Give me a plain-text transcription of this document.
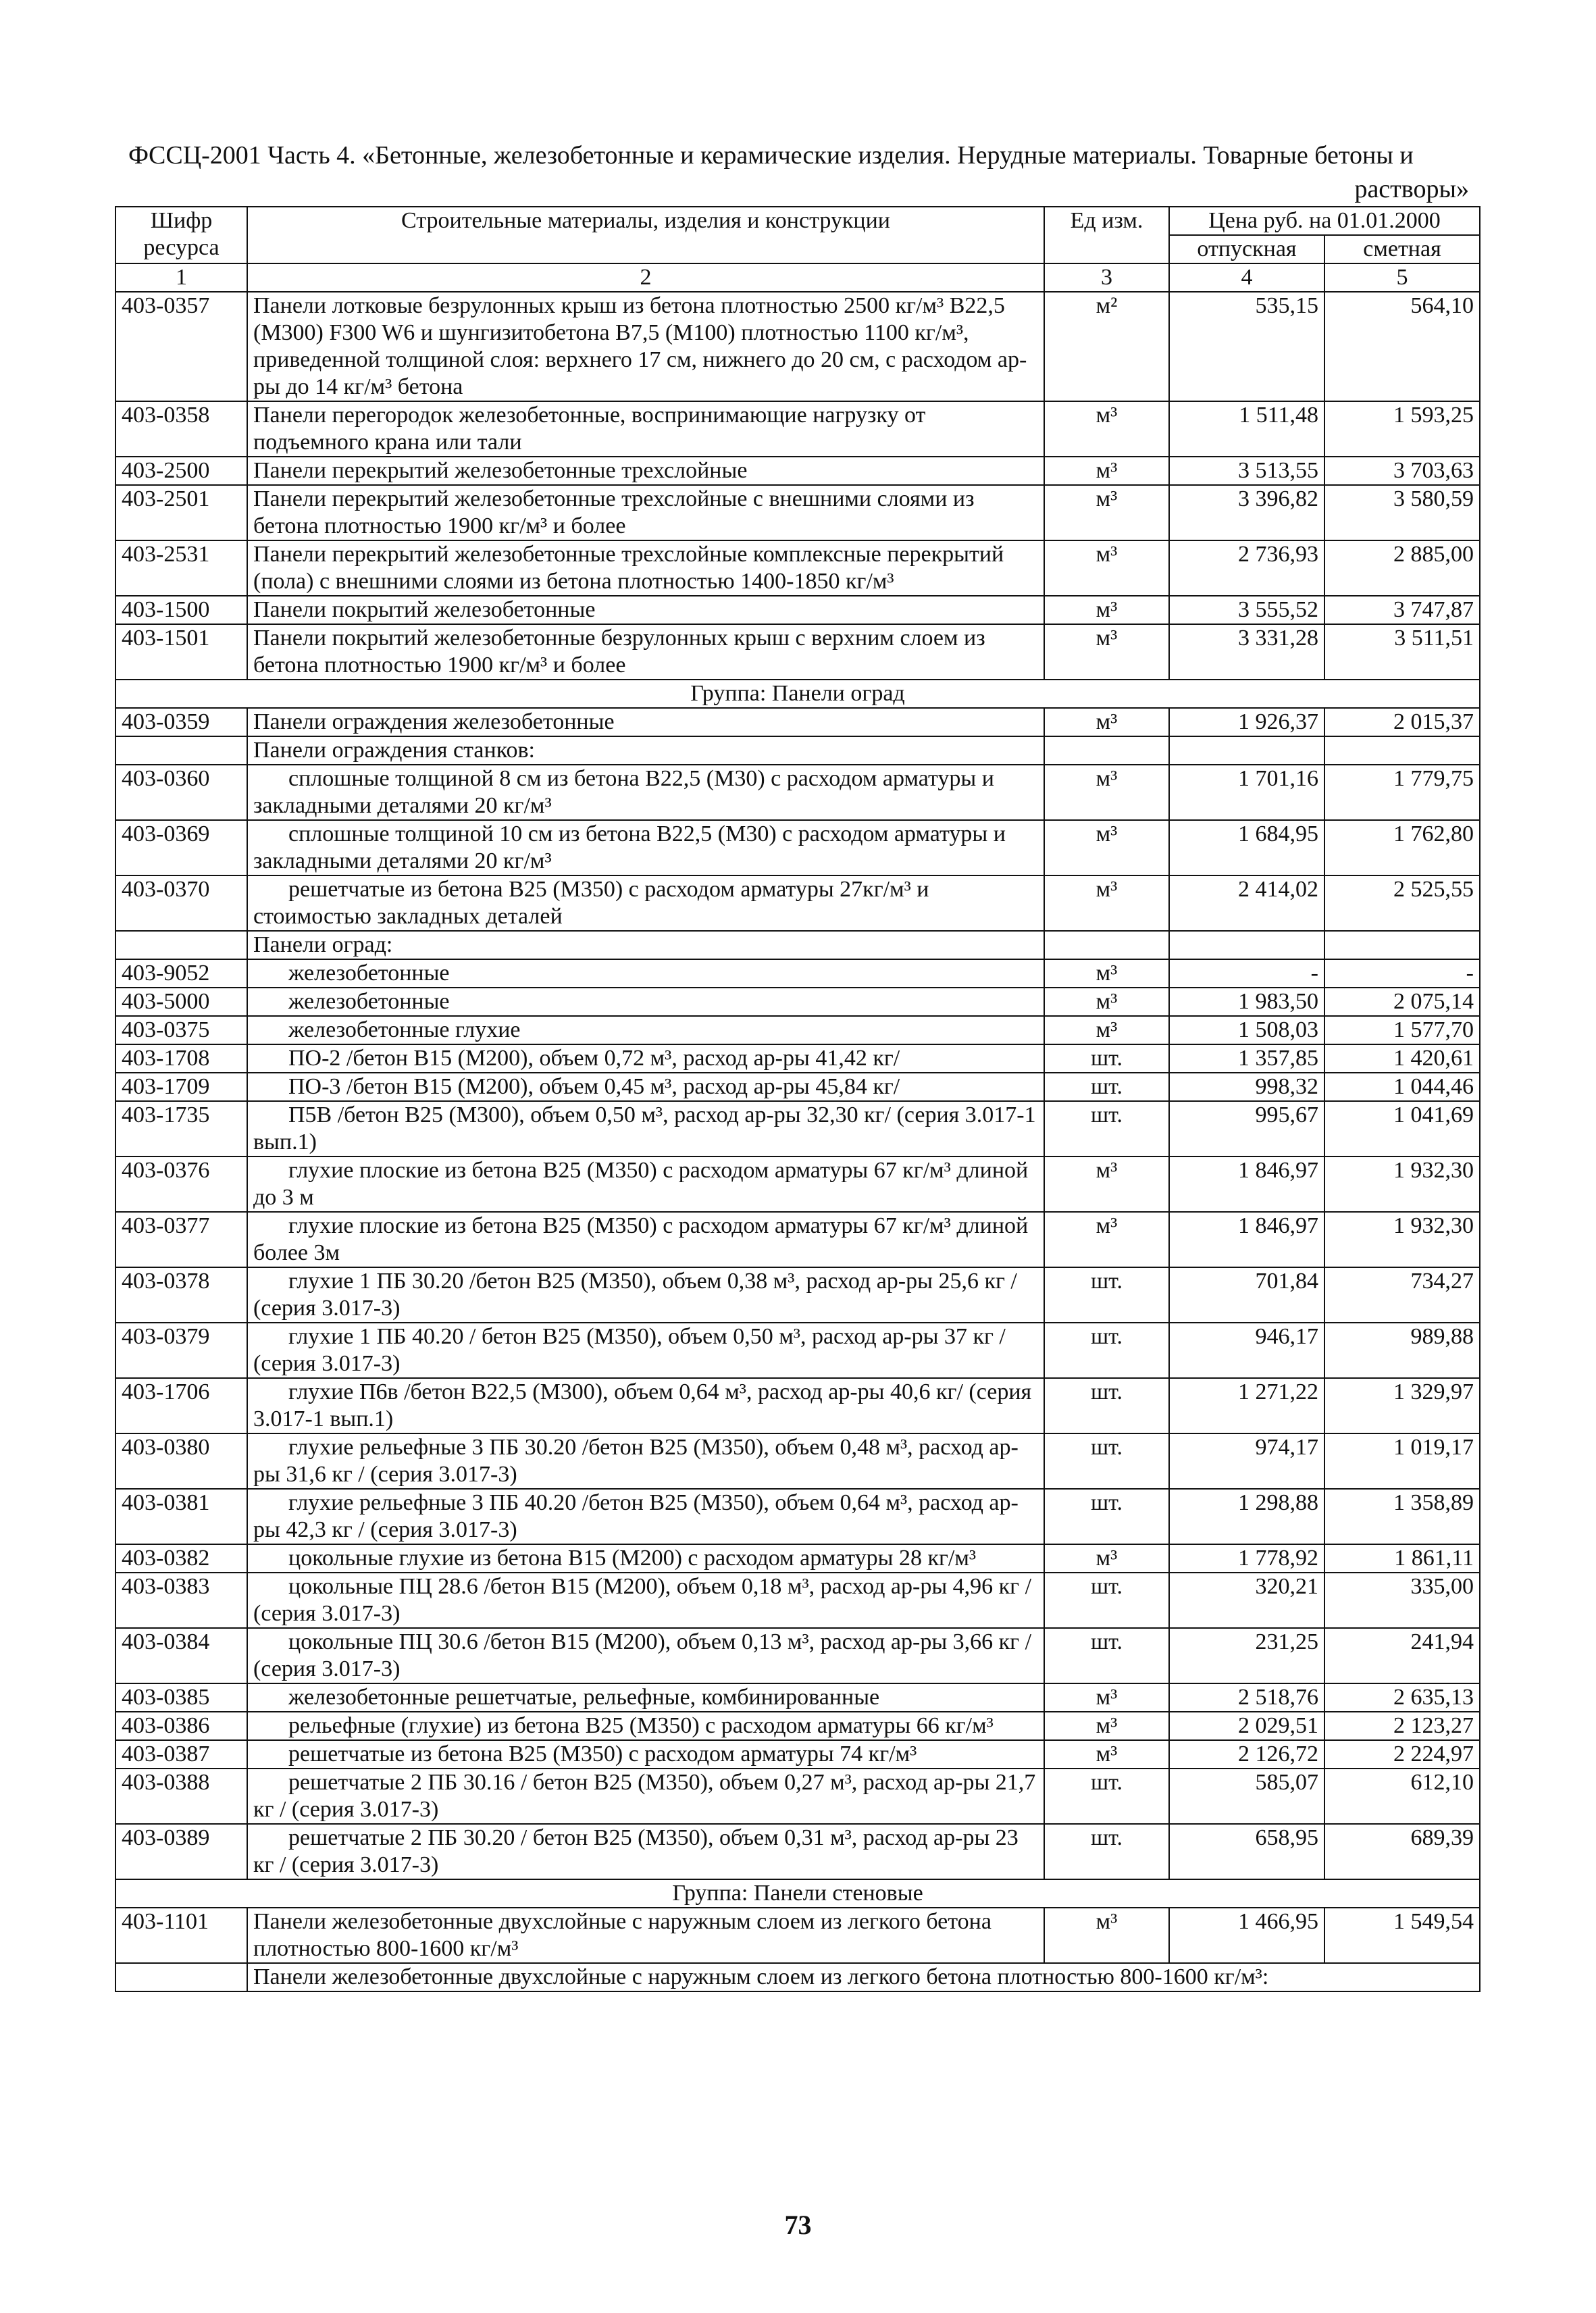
ФССЦ-2001 Часть 4. «Бетонные, железобетонные и керамические изделия. Нерудные материалы. Товарные бетоны и
растворы»
Шифр ресурса	Строительные материалы, изделия и конструкции	Ед изм.	Цена руб. на 01.01.2000	
			отпускная	сметная
1	2	3	4	5
403-0357	Панели лотковые безрулонных крыш из бетона плотностью 2500 кг/м³ В22,5 (М300) F300 W6 и шунгизитобетона В7,5 (М100) плотностью 1100 кг/м³, приведенной толщиной слоя: верхнего 17 см, нижнего до 20 см, с расходом ар-ры до 14 кг/м³ бетона	м²	535,15	564,10
403-0358	Панели перегородок железобетонные, воспринимающие нагрузку от подъемного крана или тали	м³	1 511,48	1 593,25
403-2500	Панели перекрытий железобетонные трехслойные	м³	3 513,55	3 703,63
403-2501	Панели перекрытий железобетонные трехслойные с внешними слоями из бетона плотностью 1900 кг/м³ и более	м³	3 396,82	3 580,59
403-2531	Панели перекрытий железобетонные трехслойные комплексные перекрытий (пола) с внешними слоями из бетона плотностью 1400-1850 кг/м³	м³	2 736,93	2 885,00
403-1500	Панели покрытий железобетонные	м³	3 555,52	3 747,87
403-1501	Панели покрытий железобетонные безрулонных крыш с верхним слоем из бетона плотностью 1900 кг/м³ и более	м³	3 331,28	3 511,51
Группа: Панели оград				
403-0359	Панели ограждения железобетонные	м³	1 926,37	2 015,37
	Панели ограждения станков:			
403-0360	сплошные толщиной 8 см из бетона В22,5 (М30) с расходом арматуры и закладными деталями 20 кг/м³	м³	1 701,16	1 779,75
403-0369	сплошные толщиной 10 см из бетона В22,5 (М30) с расходом арматуры и закладными деталями 20 кг/м³	м³	1 684,95	1 762,80
403-0370	решетчатые из бетона В25 (М350) с расходом арматуры 27кг/м³ и стоимостью закладных деталей	м³	2 414,02	2 525,55
	Панели оград:			
403-9052	железобетонные	м³	-	-
403-5000	железобетонные	м³	1 983,50	2 075,14
403-0375	железобетонные глухие	м³	1 508,03	1 577,70
403-1708	ПО-2 /бетон В15 (М200), объем 0,72 м³, расход ар-ры 41,42 кг/	шт.	1 357,85	1 420,61
403-1709	ПО-3 /бетон В15 (М200), объем 0,45 м³, расход ар-ры 45,84 кг/	шт.	998,32	1 044,46
403-1735	П5В /бетон В25 (М300), объем 0,50 м³, расход ар-ры 32,30 кг/ (серия 3.017-1 вып.1)	шт.	995,67	1 041,69
403-0376	глухие плоские из бетона В25 (М350) с расходом арматуры 67 кг/м³ длиной до 3 м	м³	1 846,97	1 932,30
403-0377	глухие плоские из бетона В25 (М350) с расходом арматуры 67 кг/м³ длиной более 3м	м³	1 846,97	1 932,30
403-0378	глухие 1 ПБ 30.20 /бетон В25 (М350), объем 0,38 м³, расход ар-ры 25,6 кг / (серия 3.017-3)	шт.	701,84	734,27
403-0379	глухие 1 ПБ 40.20 / бетон В25 (М350), объем 0,50 м³, расход ар-ры 37 кг / (серия 3.017-3)	шт.	946,17	989,88
403-1706	глухие П6в /бетон В22,5 (М300), объем 0,64 м³, расход ар-ры 40,6 кг/ (серия 3.017-1 вып.1)	шт.	1 271,22	1 329,97
403-0380	глухие рельефные 3 ПБ 30.20 /бетон В25 (М350), объем 0,48 м³, расход ар-ры 31,6 кг / (серия 3.017-3)	шт.	974,17	1 019,17
403-0381	глухие рельефные 3 ПБ 40.20 /бетон В25 (М350), объем 0,64 м³, расход ар-ры 42,3 кг / (серия 3.017-3)	шт.	1 298,88	1 358,89
403-0382	цокольные глухие из бетона В15 (М200) с расходом арматуры 28 кг/м³	м³	1 778,92	1 861,11
403-0383	цокольные ПЦ 28.6 /бетон В15 (М200), объем 0,18 м³, расход ар-ры 4,96 кг / (серия 3.017-3)	шт.	320,21	335,00
403-0384	цокольные ПЦ 30.6 /бетон В15 (М200), объем 0,13 м³, расход ар-ры 3,66 кг / (серия 3.017-3)	шт.	231,25	241,94
403-0385	железобетонные решетчатые, рельефные, комбинированные	м³	2 518,76	2 635,13
403-0386	рельефные (глухие) из бетона В25 (М350) с расходом арматуры 66 кг/м³	м³	2 029,51	2 123,27
403-0387	решетчатые из бетона В25 (М350) с расходом арматуры 74 кг/м³	м³	2 126,72	2 224,97
403-0388	решетчатые 2 ПБ 30.16 / бетон В25 (М350), объем 0,27 м³, расход ар-ры 21,7 кг / (серия 3.017-3)	шт.	585,07	612,10
403-0389	решетчатые 2 ПБ 30.20 / бетон В25 (М350), объем 0,31 м³, расход ар-ры 23 кг / (серия 3.017-3)	шт.	658,95	689,39
Группа: Панели стеновые				
403-1101	Панели железобетонные двухслойные с наружным слоем из легкого бетона плотностью 800-1600 кг/м³	м³	1 466,95	1 549,54
	Панели железобетонные двухслойные с наружным слоем из легкого бетона плотностью 800-1600 кг/м³:			
73
